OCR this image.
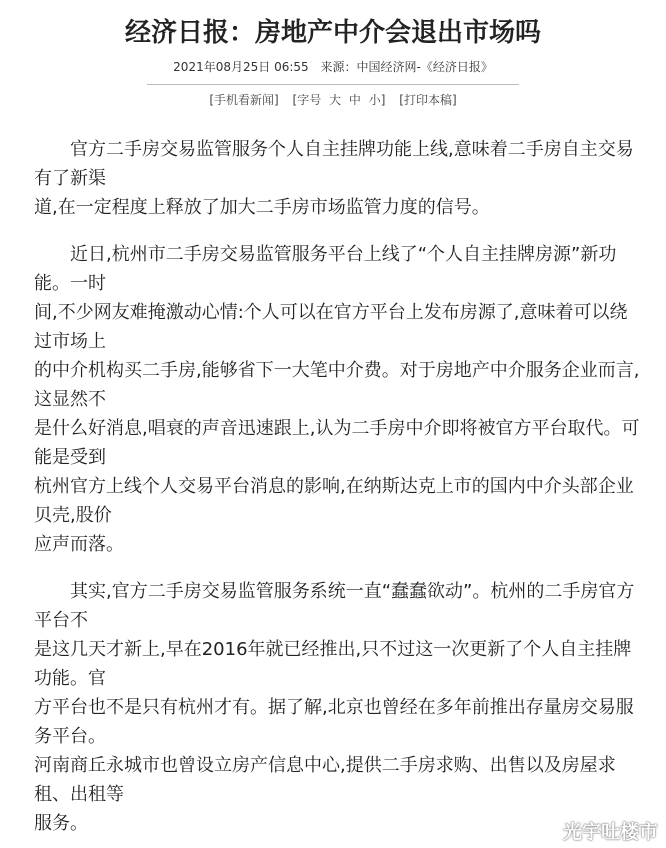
经济日报：房地产中介会退出市场吗
2021年08月25日 06:55 来源：中国经济网-《经济日报》
[手机看新闻] [字号 大 中 小] [打印本稿]
官方二手房交易监管服务个人自主挂牌功能上线,意味着二手房自主交易有了新渠
道,在一定程度上释放了加大二手房市场监管力度的信号。
近日,杭州市二手房交易监管服务平台上线了“个人自主挂牌房源”新功能。一时
间,不少网友难掩激动心情:个人可以在官方平台上发布房源了,意味着可以绕过市场上
的中介机构买二手房,能够省下一大笔中介费。对于房地产中介服务企业而言,这显然不
是什么好消息,唱衰的声音迅速跟上,认为二手房中介即将被官方平台取代。可能是受到
杭州官方上线个人交易平台消息的影响,在纳斯达克上市的国内中介头部企业贝壳,股价
应声而落。
其实,官方二手房交易监管服务系统一直“蠢蠢欲动”。杭州的二手房官方平台不
是这几天才新上,早在2016年就已经推出,只不过这一次更新了个人自主挂牌功能。官
方平台也不是只有杭州才有。据了解,北京也曾经在多年前推出存量房交易服务平台。
河南商丘永城市也曾设立房产信息中心,提供二手房求购、出售以及房屋求租、出租等
服务。	光宇吐楼市
